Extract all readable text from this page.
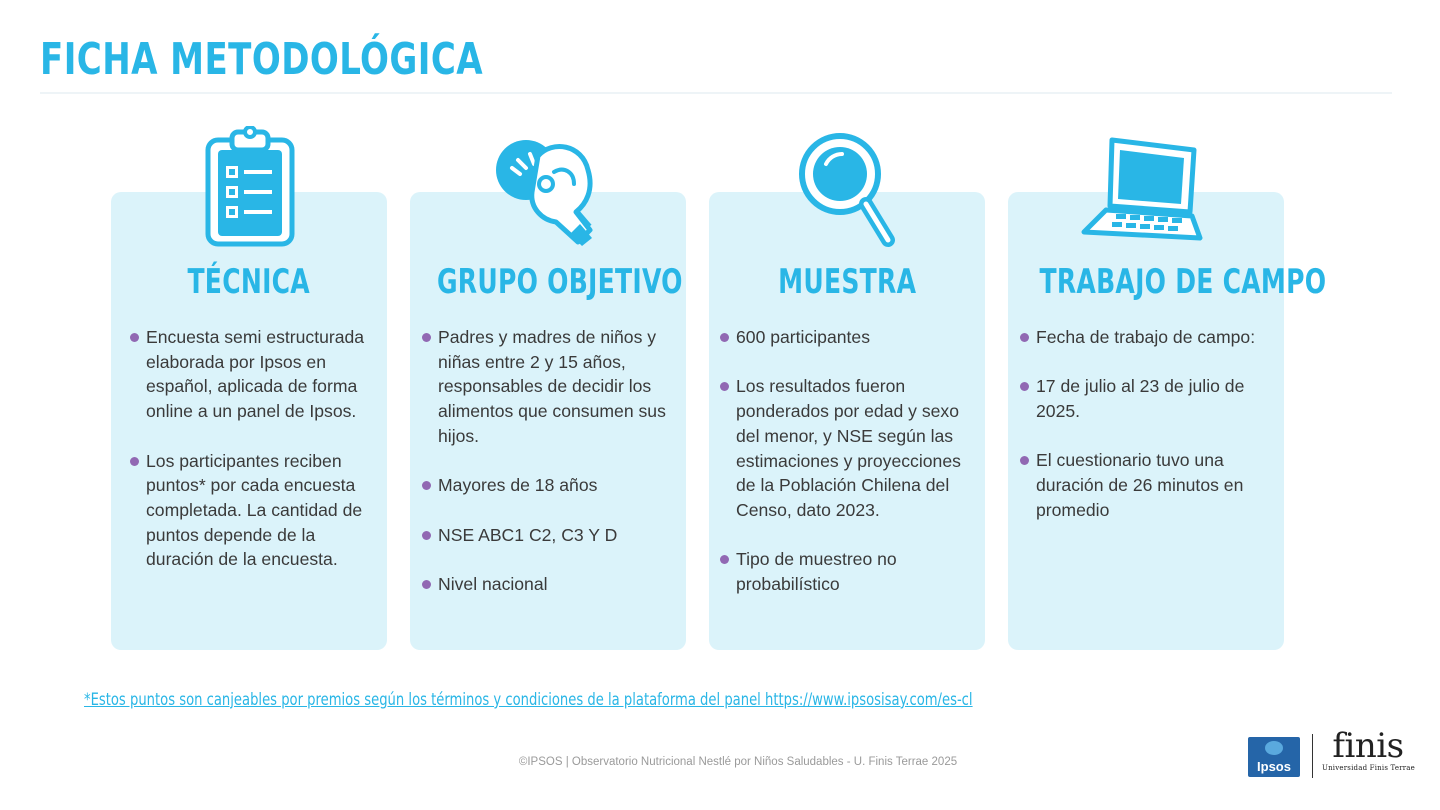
FICHA METODOLÓGICA
TÉCNICA
Encuesta semi estructurada elaborada por Ipsos en español, aplicada de forma online a un panel de Ipsos.
Los participantes reciben puntos* por cada encuesta completada. La cantidad de puntos depende de la duración de la encuesta.
GRUPO OBJETIVO
Padres y madres de niños y niñas entre 2 y 15 años, responsables de decidir los alimentos que consumen sus hijos.
Mayores de 18 años
NSE ABC1 C2, C3 Y D
Nivel nacional
MUESTRA
600 participantes
Los resultados fueron ponderados por edad y sexo del menor, y NSE según las estimaciones y proyecciones de la Población Chilena del Censo, dato 2023.
Tipo de muestreo no probabilístico
TRABAJO DE CAMPO
Fecha de trabajo de campo:
17 de julio al 23 de julio de 2025.
El cuestionario tuvo una duración de 26 minutos en promedio
*Estos puntos son canjeables por premios según los términos y condiciones de la plataforma del panel https://www.ipsosisay.com/es-cl
©IPSOS | Observatorio Nutricional Nestlé por Niños Saludables - U. Finis Terrae 2025	Ipsos
finis
Universidad Finis Terrae
